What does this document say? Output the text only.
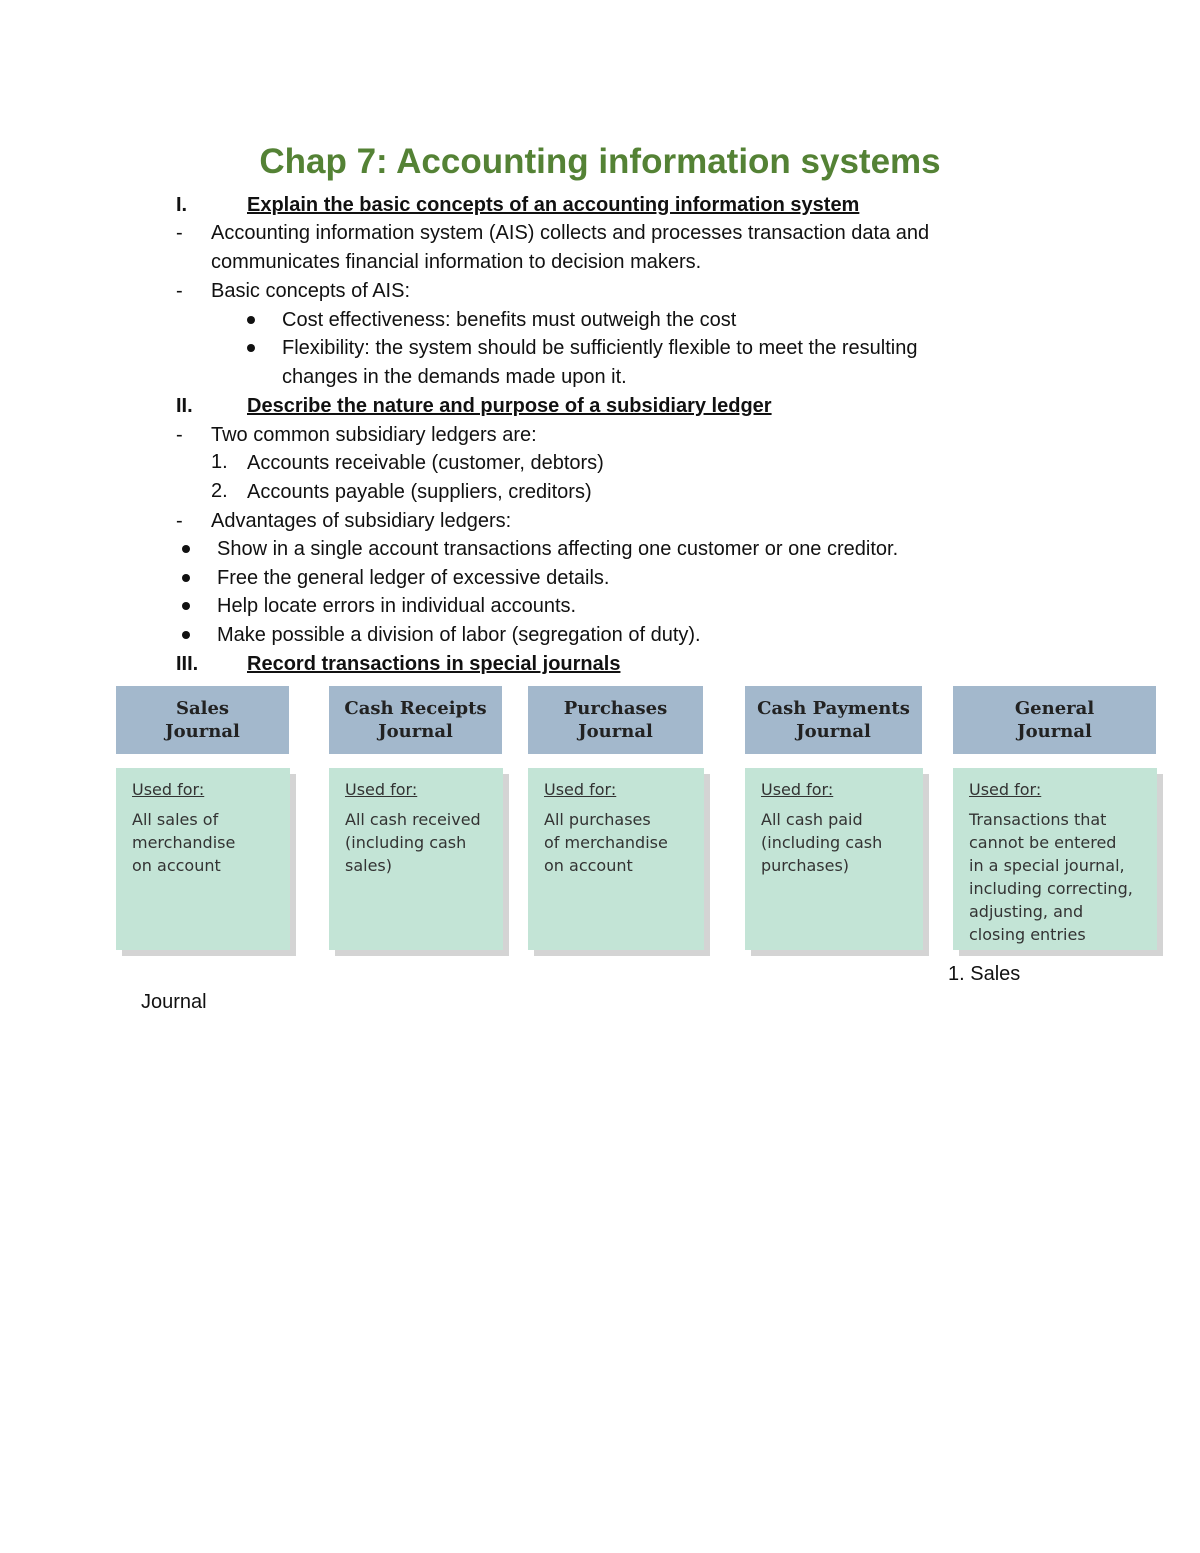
Chap 7: Accounting information systems
I.	Explain the basic concepts of an accounting information system
- Accounting information system (AIS) collects and processes transaction data and
communicates financial information to decision makers.
- Basic concepts of AIS:
Cost effectiveness: benefits must outweigh the cost
Flexibility: the system should be sufficiently flexible to meet the resulting
changes in the demands made upon it.
II.	Describe the nature and purpose of a subsidiary ledger
- Two common subsidiary ledgers are:
1. Accounts receivable (customer, debtors)
2. Accounts payable (suppliers, creditors)
- Advantages of subsidiary ledgers:
Show in a single account transactions affecting one customer or one creditor.
Free the general ledger of excessive details.
Help locate errors in individual accounts.
Make possible a division of labor (segregation of duty).
III. Record transactions in special journals
Sales
Journal
Used for:
All sales of
merchandise
on account
Cash Receipts
Journal
Used for:
All cash received
(including cash
sales)
Purchases
Journal
Used for:
All purchases
of merchandise
on account
Cash Payments
Journal
Used for:
All cash paid
(including cash
purchases)
General
Journal
Used for:
Transactions that
cannot be entered
in a special journal,
including correcting,
adjusting, and
closing entries
1. Sales
Journal
